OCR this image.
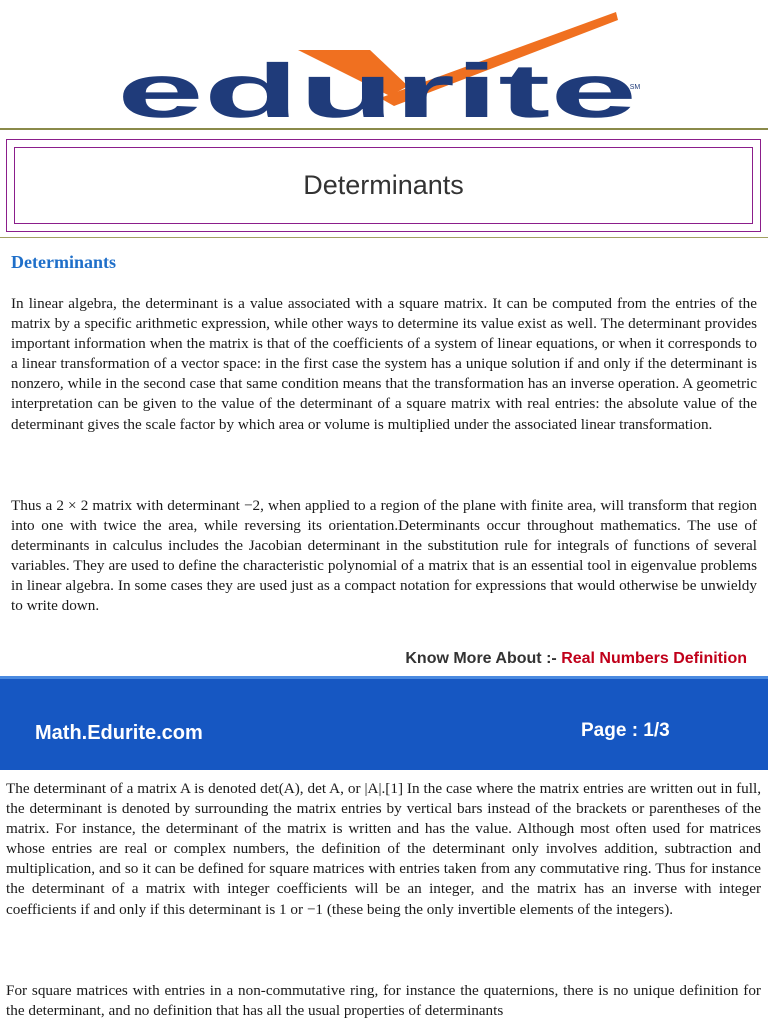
edurite
SM
Determinants
Determinants

In linear algebra, the determinant is a value associated with a square matrix. It can be computed from the entries of the matrix by a specific arithmetic expression, while other ways to determine its value exist as well. The determinant provides important information when the matrix is that of the coefficients of a system of linear equations, or when it corresponds to a linear transformation of a vector space: in the first case the system has a unique solution if and only if the determinant is nonzero, while in the second case that same condition means that the transformation has an inverse operation. A geometric interpretation can be given to the value of the determinant of a square matrix with real entries: the absolute value of the determinant gives the scale factor by which area or volume is multiplied under the associated linear transformation.

Thus a 2 × 2 matrix with determinant −2, when applied to a region of the plane with finite area, will transform that region into one with twice the area, while reversing its orientation.Determinants occur throughout mathematics. The use of determinants in calculus includes the Jacobian determinant in the substitution rule for integrals of functions of several variables. They are used to define the characteristic polynomial of a matrix that is an essential tool in eigenvalue problems in linear algebra. In some cases they are used just as a compact notation for expressions that would otherwise be unwieldy to write down.

Know More About :- Real Numbers Definition
Math.Edurite.com	Page : 1/3

The determinant of a matrix A is denoted det(A), det A, or |A|.[1] In the case where the matrix entries are written out in full, the determinant is denoted by surrounding the matrix entries by vertical bars instead of the brackets or parentheses of the matrix. For instance, the determinant of the matrix is written and has the value. Although most often used for matrices whose entries are real or complex numbers, the definition of the determinant only involves addition, subtraction and multiplication, and so it can be defined for square matrices with entries taken from any commutative ring. Thus for instance the determinant of a matrix with integer coefficients will be an integer, and the matrix has an inverse with integer coefficients if and only if this determinant is 1 or −1 (these being the only invertible elements of the integers).

For square matrices with entries in a non-commutative ring, for instance the quaternions, there is no unique definition for the determinant, and no definition that has all the usual properties of determinants
